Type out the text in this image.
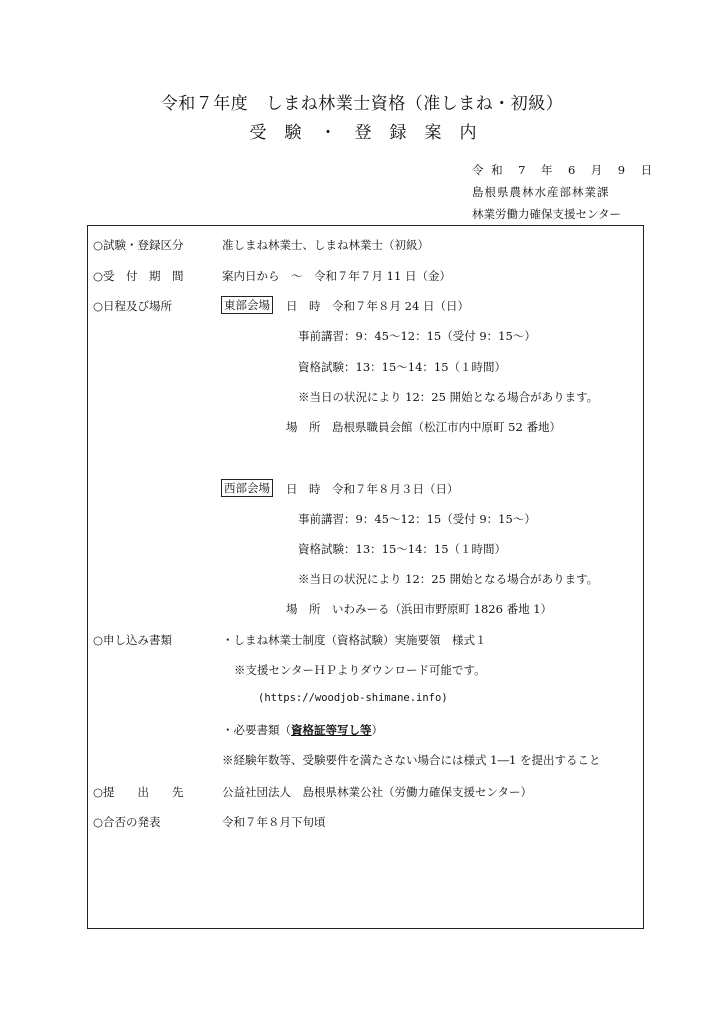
令和７年度　しまね林業士資格（准しまね・初級）
受験・登録案内
令 和　7　年　6　月　9　日
島根県農林水産部林業課
林業労働力確保支援センター
○試験・登録区分	准しまね林業士、しまね林業士（初級）
○受　付　期　間	案内日から　～　令和７年７月 11 日（金）
○日程及び場所	東部会場 日　時　令和７年８月 24 日（日）
事前講習：9：45～12：15（受付 9：15～）
資格試験：13：15～14：15（１時間）
※当日の状況により 12：25 開始となる場合があります。
場　所　島根県職員会館（松江市内中原町 52 番地）
西部会場 日　時　令和７年８月３日（日）
事前講習：9：45～12：15（受付 9：15～）
資格試験：13：15～14：15（１時間）
※当日の状況により 12：25 開始となる場合があります。
場　所　いわみーる（浜田市野原町 1826 番地 1）
○申し込み書類	・しまね林業士制度（資格試験）実施要領　様式１
※支援センターＨＰよりダウンロード可能です。
(https://woodjob-shimane.info)
・必要書類（資格証等写し等）
※経験年数等、受験要件を満たさない場合には様式 1―1 を提出すること
○提　　出　　先	公益社団法人　島根県林業公社（労働力確保支援センター）
○合否の発表	令和７年８月下旬頃
